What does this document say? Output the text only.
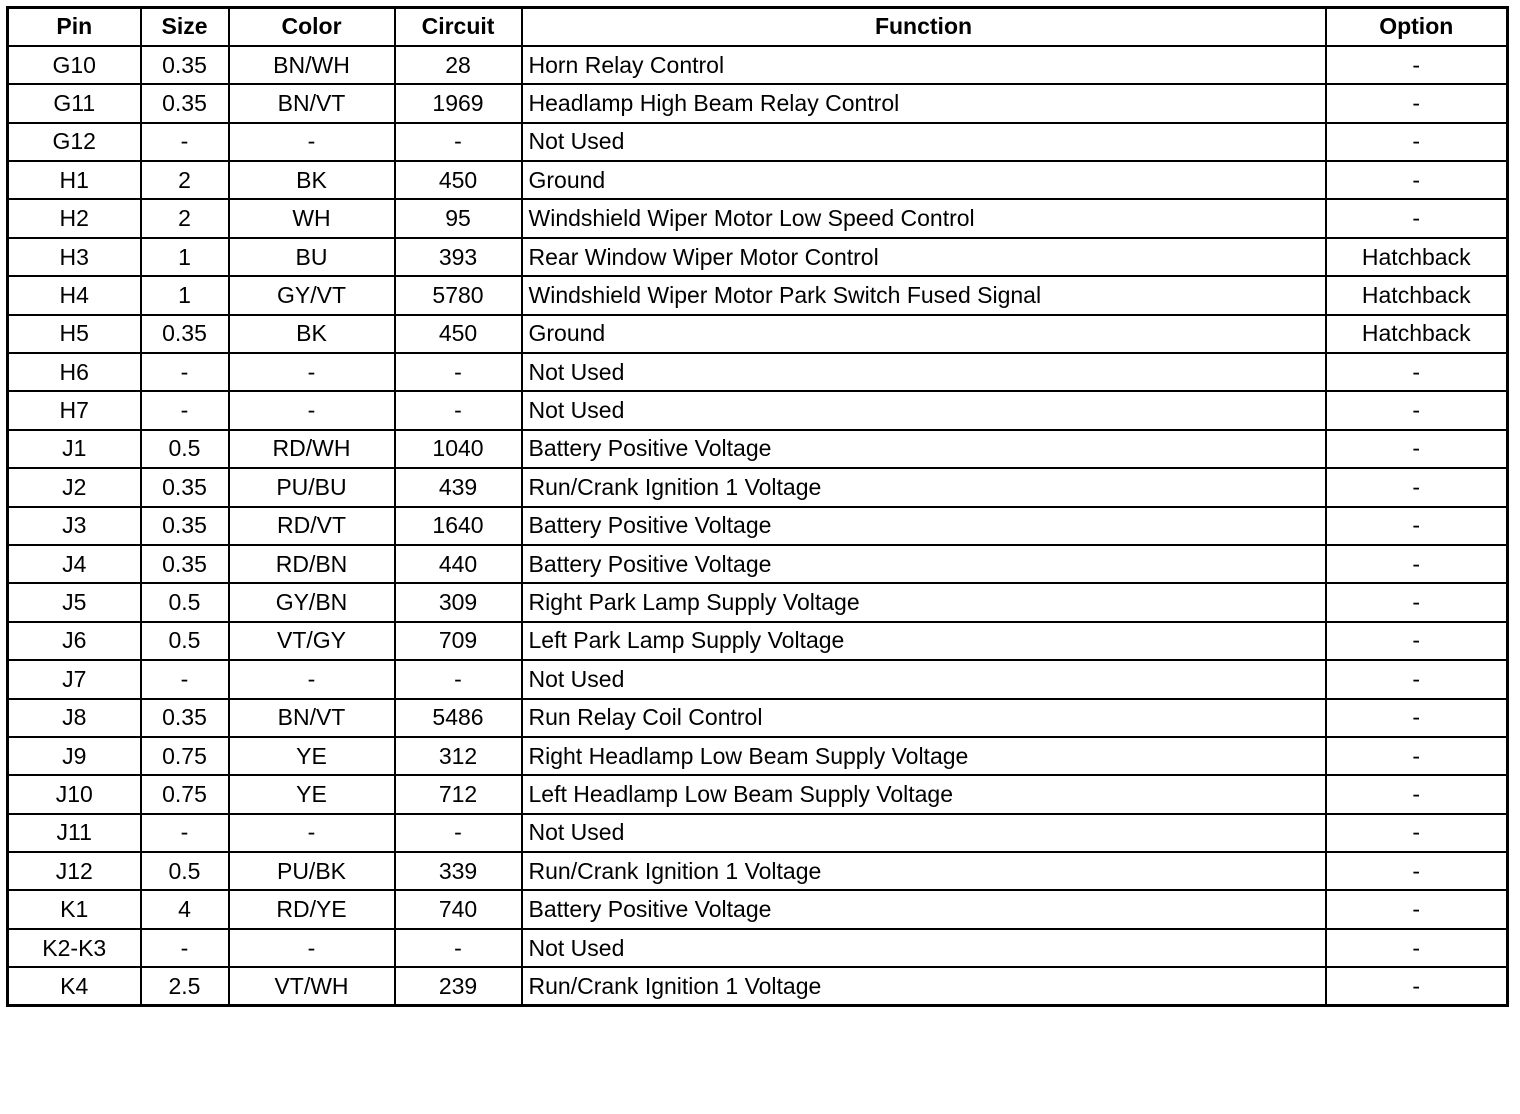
Pin	Size	Color	Circuit	Function	Option
G10	0.35	BN/WH	28	Horn Relay Control	-
G11	0.35	BN/VT	1969	Headlamp High Beam Relay Control	-
G12	-	-	-	Not Used	-
H1	2	BK	450	Ground	-
H2	2	WH	95	Windshield Wiper Motor Low Speed Control	-
H3	1	BU	393	Rear Window Wiper Motor Control	Hatchback
H4	1	GY/VT	5780	Windshield Wiper Motor Park Switch Fused Signal	Hatchback
H5	0.35	BK	450	Ground	Hatchback
H6	-	-	-	Not Used	-
H7	-	-	-	Not Used	-
J1	0.5	RD/WH	1040	Battery Positive Voltage	-
J2	0.35	PU/BU	439	Run/Crank Ignition 1 Voltage	-
J3	0.35	RD/VT	1640	Battery Positive Voltage	-
J4	0.35	RD/BN	440	Battery Positive Voltage	-
J5	0.5	GY/BN	309	Right Park Lamp Supply Voltage	-
J6	0.5	VT/GY	709	Left Park Lamp Supply Voltage	-
J7	-	-	-	Not Used	-
J8	0.35	BN/VT	5486	Run Relay Coil Control	-
J9	0.75	YE	312	Right Headlamp Low Beam Supply Voltage	-
J10	0.75	YE	712	Left Headlamp Low Beam Supply Voltage	-
J11	-	-	-	Not Used	-
J12	0.5	PU/BK	339	Run/Crank Ignition 1 Voltage	-
K1	4	RD/YE	740	Battery Positive Voltage	-
K2-K3	-	-	-	Not Used	-
K4	2.5	VT/WH	239	Run/Crank Ignition 1 Voltage	-
